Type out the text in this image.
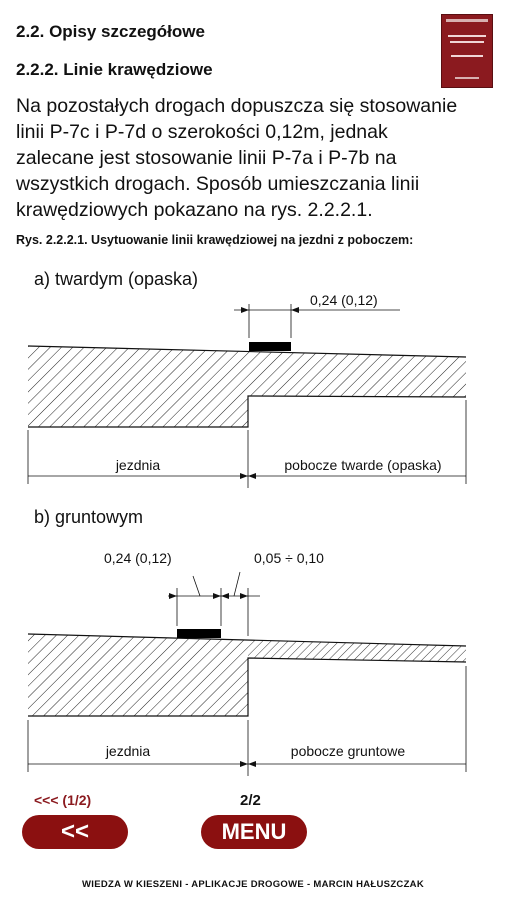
2.2. Opisy szczegółowe
2.2.2. Linie krawędziowe
Na pozostałych drogach dopuszcza się stosowanie
linii P-7c i P-7d o szerokości 0,12m, jednak
zalecane jest stosowanie linii P-7a i P-7b na
wszystkich drogach. Sposób umieszczania linii
krawędziowych pokazano na rys. 2.2.2.1.
Rys. 2.2.2.1. Usytuowanie linii krawędziowej na jezdni z poboczem:
a) twardym (opaska)
0,24 (0,12)
jezdnia	pobocze twarde (opaska)
b) gruntowym
0,24 (0,12)	0,05 ÷ 0,10
jezdnia	pobocze gruntowe
<<< (1/2)	2/2
<<	MENU
WIEDZA W KIESZENI - APLIKACJE DROGOWE - MARCIN HAŁUSZCZAK
